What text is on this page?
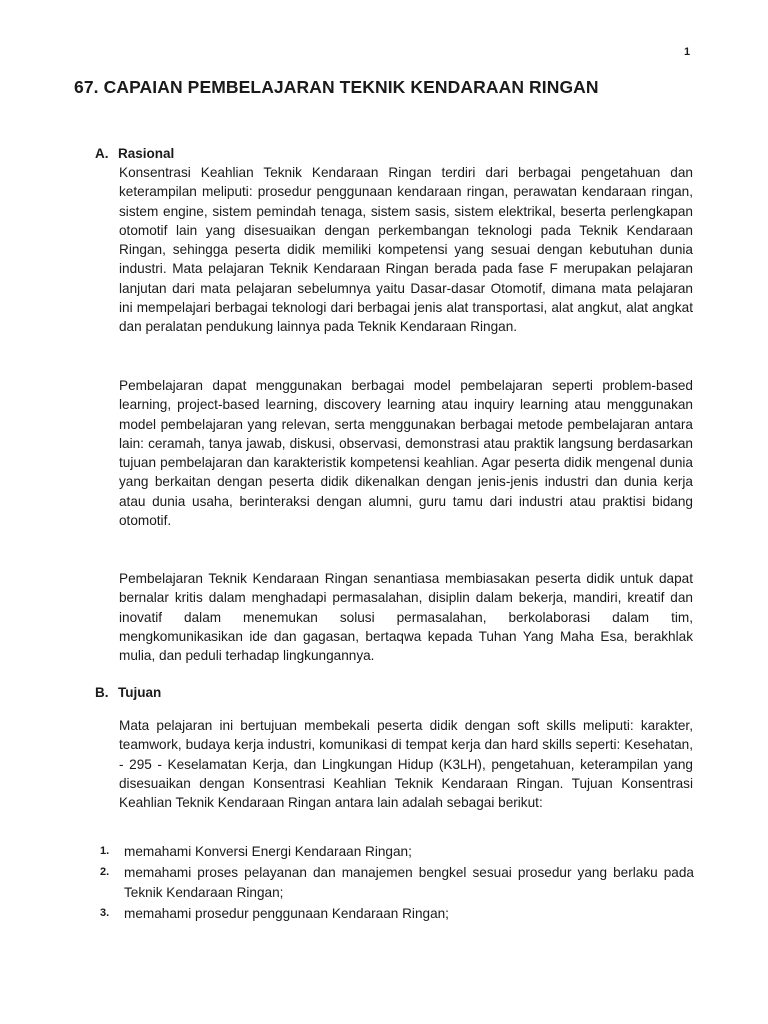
1
67. CAPAIAN PEMBELAJARAN TEKNIK KENDARAAN RINGAN
A. Rasional

Konsentrasi Keahlian Teknik Kendaraan Ringan terdiri dari berbagai pengetahuan dan keterampilan meliputi: prosedur penggunaan kendaraan ringan, perawatan kendaraan ringan, sistem engine, sistem pemindah tenaga, sistem sasis, sistem elektrikal, beserta perlengkapan otomotif lain yang disesuaikan dengan perkembangan teknologi pada Teknik Kendaraan Ringan, sehingga peserta didik memiliki kompetensi yang sesuai dengan kebutuhan dunia industri. Mata pelajaran Teknik Kendaraan Ringan berada pada fase F merupakan pelajaran lanjutan dari mata pelajaran sebelumnya yaitu Dasar-dasar Otomotif, dimana mata pelajaran ini mempelajari berbagai teknologi dari berbagai jenis alat transportasi, alat angkut, alat angkat dan peralatan pendukung lainnya pada Teknik Kendaraan Ringan.

Pembelajaran dapat menggunakan berbagai model pembelajaran seperti problem-based learning, project-based learning, discovery learning atau inquiry learning atau menggunakan model pembelajaran yang relevan, serta menggunakan berbagai metode pembelajaran antara lain: ceramah, tanya jawab, diskusi, observasi, demonstrasi atau praktik langsung berdasarkan tujuan pembelajaran dan karakteristik kompetensi keahlian. Agar peserta didik mengenal dunia yang berkaitan dengan peserta didik dikenalkan dengan jenis-jenis industri dan dunia kerja atau dunia usaha, berinteraksi dengan alumni, guru tamu dari industri atau praktisi bidang otomotif.

Pembelajaran Teknik Kendaraan Ringan senantiasa membiasakan peserta didik untuk dapat bernalar kritis dalam menghadapi permasalahan, disiplin dalam bekerja, mandiri, kreatif dan inovatif dalam menemukan solusi permasalahan, berkolaborasi dalam tim, mengkomunikasikan ide dan gagasan, bertaqwa kepada Tuhan Yang Maha Esa, berakhlak mulia, dan peduli terhadap lingkungannya.

B. Tujuan

Mata pelajaran ini bertujuan membekali peserta didik dengan soft skills meliputi: karakter, teamwork, budaya kerja industri, komunikasi di tempat kerja dan hard skills seperti: Kesehatan, - 295 - Keselamatan Kerja, dan Lingkungan Hidup (K3LH), pengetahuan, keterampilan yang disesuaikan dengan Konsentrasi Keahlian Teknik Kendaraan Ringan. Tujuan Konsentrasi Keahlian Teknik Kendaraan Ringan antara lain adalah sebagai berikut:

1. memahami Konversi Energi Kendaraan Ringan;
2. memahami proses pelayanan dan manajemen bengkel sesuai prosedur yang berlaku pada Teknik Kendaraan Ringan;
3. memahami prosedur penggunaan Kendaraan Ringan;
